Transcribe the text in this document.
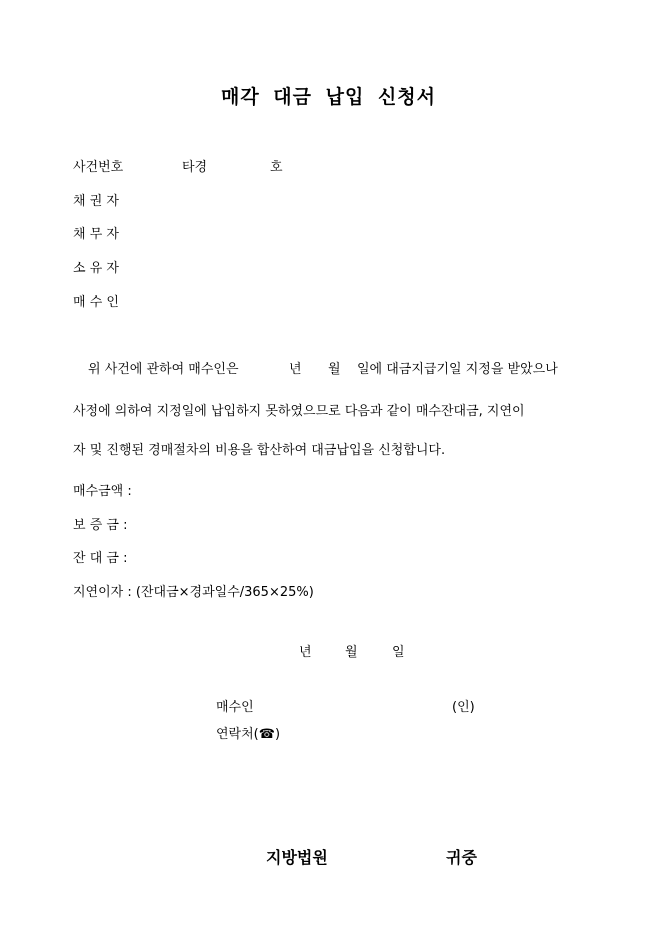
매각 대금 납입 신청서
사건번호	타경	호
채 권 자
채 무 자
소 유 자
매 수 인
위 사건에 관하여 매수인은	년 월 일에 대금지급기일 지정을 받았으나
사정에 의하여 지정일에 납입하지 못하였으므로 다음과 같이 매수잔대금, 지연이
자 및 진행된 경매절차의 비용을 합산하여 대금납입을 신청합니다.
매수금액 :
보 증 금 :
잔 대 금 :
지연이자 : (잔대금×경과일수/365×25%)
년	월	일
매수인	(인)
연락처(☎)
지방법원	귀중
